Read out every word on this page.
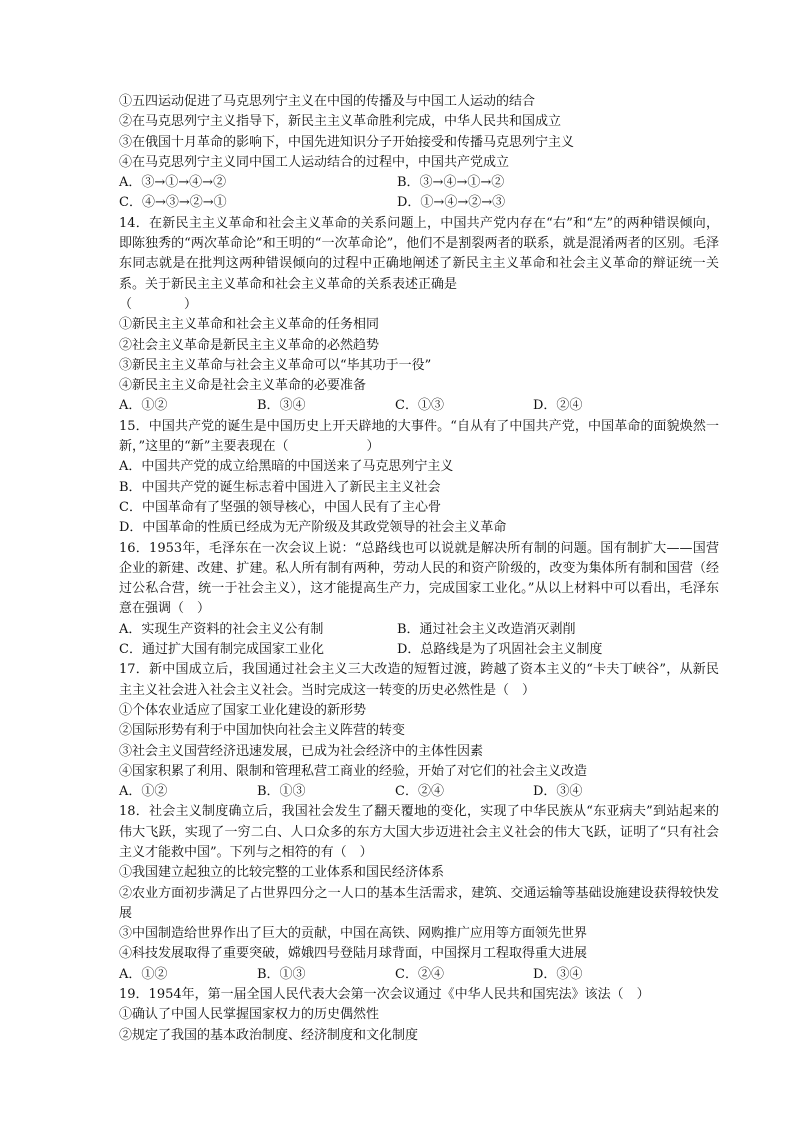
①五四运动促进了马克思列宁主义在中国的传播及与中国工人运动的结合
②在马克思列宁主义指导下，新民主主义革命胜利完成，中华人民共和国成立
③在俄国十月革命的影响下，中国先进知识分子开始接受和传播马克思列宁主义
④在马克思列宁主义同中国工人运动结合的过程中，中国共产党成立
A．③→①→④→②	B．③→④→①→②
C．④→③→②→①	D．①→④→②→③
14．在新民主主义革命和社会主义革命的关系问题上，中国共产党内存在“右”和“左”的两种错误倾向，即陈独秀的“两次革命论”和王明的“一次革命论”，他们不是割裂两者的联系，就是混淆两者的区别。毛泽东同志就是在批判这两种错误倾向的过程中正确地阐述了新民主主义革命和社会主义革命的辩证统一关系。关于新民主主义革命和社会主义革命的关系表述正确是
（　　　　）
①新民主主义革命和社会主义革命的任务相同
②社会主义革命是新民主主义革命的必然趋势
③新民主主义革命与社会主义革命可以“毕其功于一役”
④新民主主义命是社会主义革命的必要准备
A．①②	B．③④	C．①③	D．②④
15．中国共产党的诞生是中国历史上开天辟地的大事件。“自从有了中国共产党，中国革命的面貌焕然一新，”这里的“新”主要表现在（　　　　　　）
A．中国共产党的成立给黑暗的中国送来了马克思列宁主义
B．中国共产党的诞生标志着中国进入了新民主主义社会
C．中国革命有了坚强的领导核心，中国人民有了主心骨
D．中国革命的性质已经成为无产阶级及其政党领导的社会主义革命
16．1953年，毛泽东在一次会议上说：“总路线也可以说就是解决所有制的问题。国有制扩大——国营企业的新建、改建、扩建。私人所有制有两种，劳动人民的和资产阶级的，改变为集体所有制和国营（经过公私合营，统一于社会主义），这才能提高生产力，完成国家工业化。”从以上材料中可以看出，毛泽东意在强调（　）
A．实现生产资料的社会主义公有制	B．通过社会主义改造消灭剥削
C．通过扩大国有制完成国家工业化	D．总路线是为了巩固社会主义制度
17．新中国成立后，我国通过社会主义三大改造的短暂过渡，跨越了资本主义的“卡夫丁峡谷”，从新民主主义社会进入社会主义社会。当时完成这一转变的历史必然性是（　）
①个体农业适应了国家工业化建设的新形势
②国际形势有利于中国加快向社会主义阵营的转变
③社会主义国营经济迅速发展，已成为社会经济中的主体性因素
④国家积累了利用、限制和管理私营工商业的经验，开始了对它们的社会主义改造
A．①②	B．①③	C．②④	D．③④
18．社会主义制度确立后，我国社会发生了翻天覆地的变化，实现了中华民族从“东亚病夫”到站起来的伟大飞跃，实现了一穷二白、人口众多的东方大国大步迈进社会主义社会的伟大飞跃，证明了“只有社会主义才能救中国”。下列与之相符的有（　）
①我国建立起独立的比较完整的工业体系和国民经济体系
②农业方面初步满足了占世界四分之一人口的基本生活需求，建筑、交通运输等基础设施建设获得较快发展
③中国制造给世界作出了巨大的贡献，中国在高铁、网购推广应用等方面领先世界
④科技发展取得了重要突破，嫦娥四号登陆月球背面，中国探月工程取得重大进展
A．①②	B．①③	C．②④	D．③④
19．1954年，第一届全国人民代表大会第一次会议通过《中华人民共和国宪法》该法（　）
①确认了中国人民掌握国家权力的历史偶然性
②规定了我国的基本政治制度、经济制度和文化制度
